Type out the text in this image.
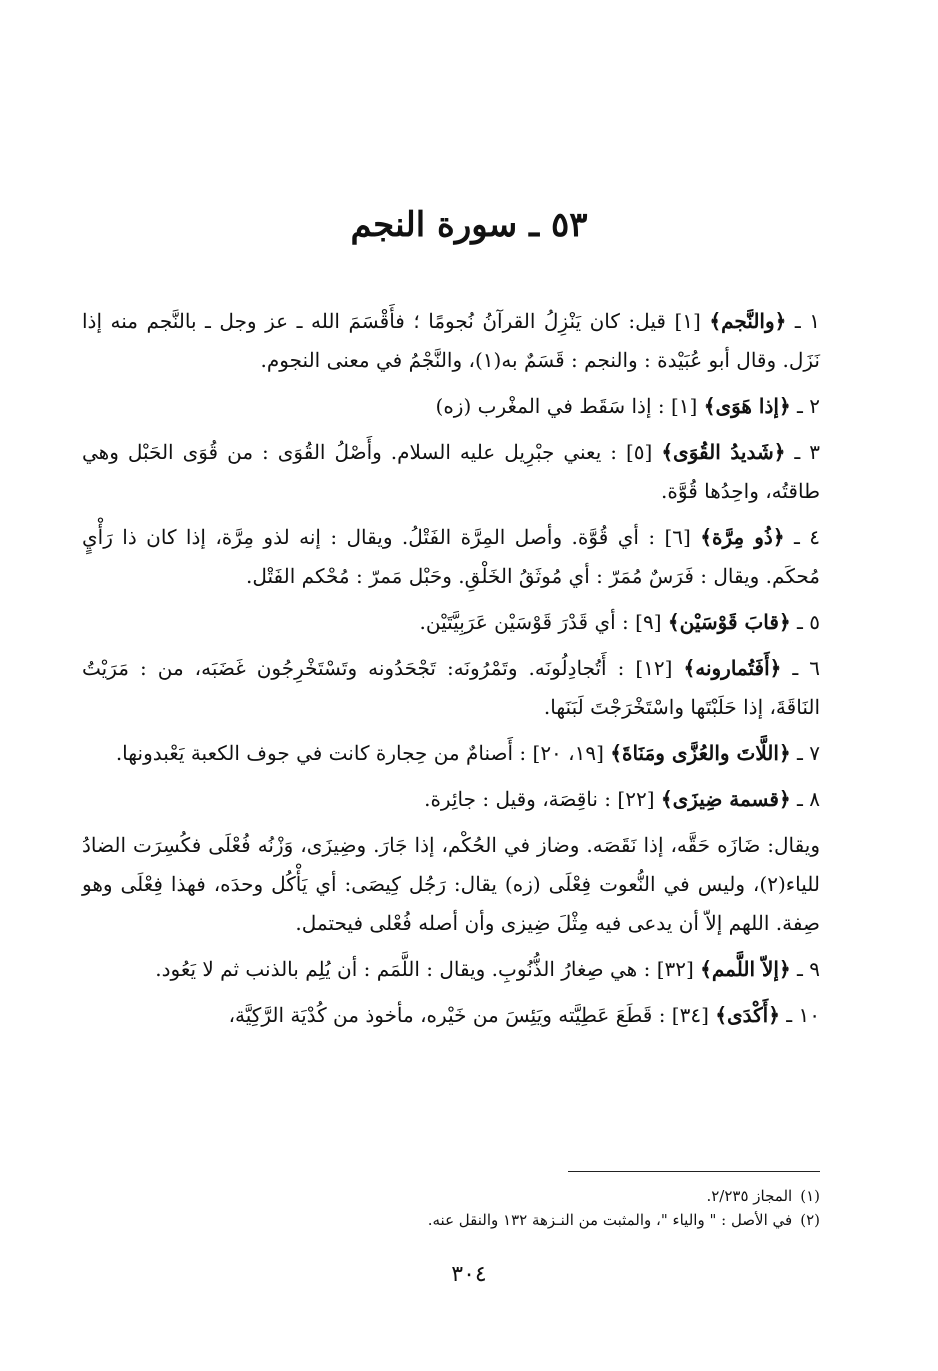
٥٣ ـ سورة النجم

١ ـ ﴿والنَّجم﴾ [١] قيل: كان يَنْزِلُ القرآنُ نُجومًا ؛ فأَقْسَمَ الله ـ عز وجل ـ بالنَّجم منه إذا نَزَل. وقال أبو عُبَيْدة : والنجم : قَسَمٌ به(١)، والنَّجْمُ في معنى النجوم.

٢ ـ ﴿إذا هَوَى﴾ [١] : إذا سَقَط في المغْرب (زه)

٣ ـ ﴿شَديدُ القُوَى﴾ [٥] : يعني جبْرِيل عليه السلام. وأَصْلُ القُوَى : من قُوَى الحَبْل وهي طاقتُه، واحِدُها قُوَّة.

٤ ـ ﴿ذُو مِرَّة﴾ [٦] : أي قُوَّة. وأصل المِرَّة الفَتْلُ. ويقال : إنه لذو مِرَّة، إذا كان ذا رَأْيٍ مُحكَم. ويقال : فَرَسٌ مُمَرّ : أي مُوثَقُ الخَلْقِ. وحَبْل مَمرّ : مُحْكم الفَتْل.

٥ ـ ﴿قابَ قَوْسَيْن﴾ [٩] : أي قَدْرَ قَوْسَيْن عَرَبِيَّتَيْن.

٦ ـ ﴿أَفَتُمارونه﴾ [١٢] : أَتُجادِلُونَه. وتَمْرُونَه: تَجْحَدُونه وتَسْتَخْرِجُون غَضَبَه، من : مَرَيْتُ النَاقَةَ، إذا حَلَبْتَها واسْتَخْرَجْتَ لَبَنَها.

٧ ـ ﴿اللَّاتَ والعُزَّى ومَنَاةَ﴾ [١٩، ٢٠] : أَصنامٌ من حِجارة كانت في جوف الكعبة يَعْبدونها.

٨ ـ ﴿قسمة ضِيزَى﴾ [٢٢] : ناقِصَة، وقيل : جائِرة.

ويقال: ضَازَه حَقَّه، إذا نَقَصَه. وضاز في الحُكْم، إذا جَارَ. وضِيزَى، وَزْنُه فُعْلَى فكُسِرَت الضادُ للياء(٢)، وليس في النُّعوت فِعْلَى (زه) يقال: رَجُل كِيصَى: أي يَأْكُل وحدَه، فهذا فِعْلَى وهو صِفة. اللهم إلاّ أن يدعى فيه مِثْلَ ضِيزى وأن أصله فُعْلى فيحتمل.

٩ ـ ﴿إلاّ اللَّمم﴾ [٣٢] : هي صِغارُ الذُّنُوبِ. ويقال : اللَّمَم : أن يُلِم بالذنب ثم لا يَعُود.

١٠ ـ ﴿أَكْدَى﴾ [٣٤] : قَطَعَ عَطِيَّته ويَئِسَ من خَيْره، مأخوذ من كُدْيَة الرَّكِيَّة،

(١)المجاز ٢/٢٣٥.

(٢)في الأصل : " والياء "، والمثبت من النـزهة ١٣٢ والنقل عنه.

٣٠٤
